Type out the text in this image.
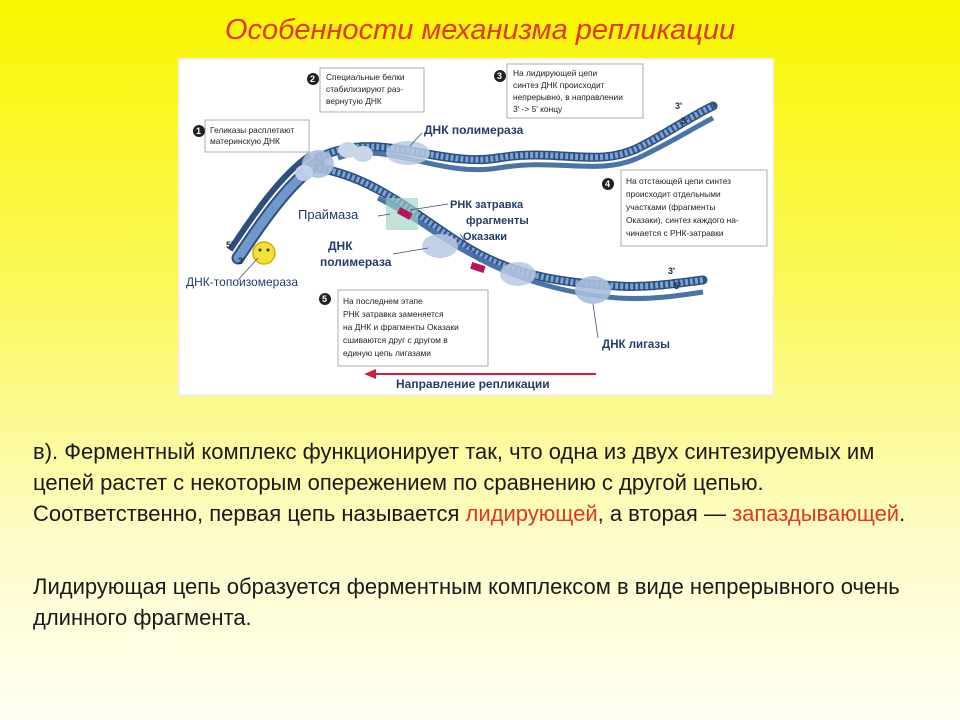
Особенности механизма репликации
5'
3'
3'
5'
3'
5'
ДНК полимераза
Праймаза
РНК затравка
фрагменты
Оказаки
ДНК
полимераза
ДНК-топоизомераза
ДНК лигазы
1 Геликазы расплетают
материнскую ДНК
2 Специальные белки
стабилизируют раз-
вернутую ДНК
3 На лидирующей цепи
синтез ДНК происходит
непрерывно, в направлении
3' -> 5' концу
4 На отстающей цепи синтез
происходит отдельными
участками (фрагменты
Оказаки), синтез каждого на-
чинается с РНК-затравки
5 На последнем этапе
РНК затравка заменяется
на ДНК и фрагменты Оказаки
сшиваются друг с другом в
единую цепь лигазами
Направление репликации
в). Ферментный комплекс функционирует так, что одна из двух синтезируемых им цепей растет с некоторым опережением по сравнению с другой цепью. Соответственно, первая цепь называется лидирующей, а вторая — запаздывающей.
Лидирующая цепь образуется ферментным комплексом в виде непрерывного очень длинного фрагмента.
